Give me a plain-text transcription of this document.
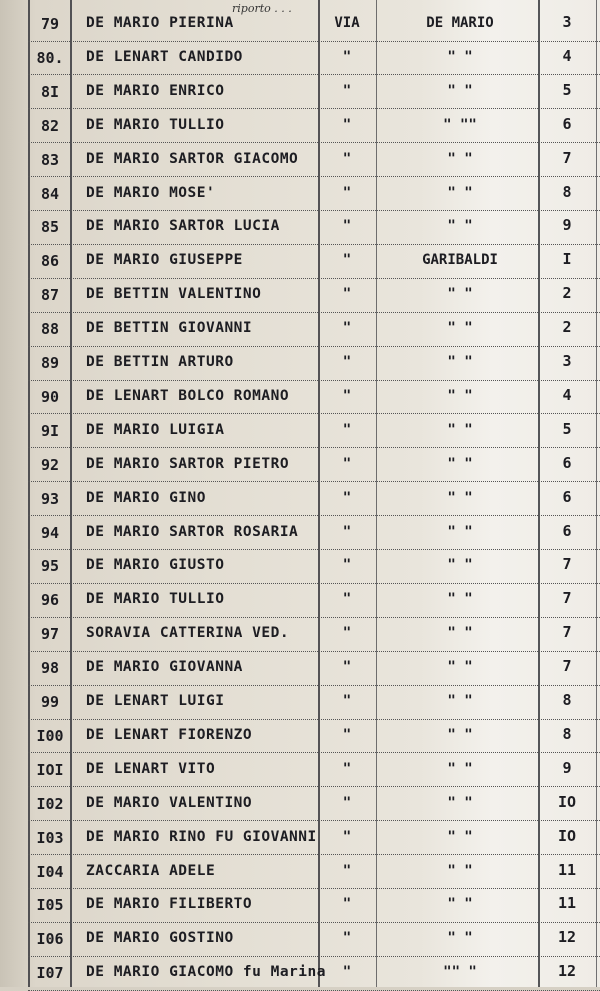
riporto . . .
79	DE MARIO PIERINA	VIA	DE MARIO	3
80.	DE LENART CANDIDO	"	" "	4
8I	DE MARIO ENRICO	"	" "	5
82	DE MARIO TULLIO	"	" ""	6
83	DE MARIO SARTOR GIACOMO	"	" "	7
84	DE MARIO MOSE'	"	" "	8
85	DE MARIO SARTOR LUCIA	"	" "	9
86	DE MARIO GIUSEPPE	"	GARIBALDI	I
87	DE BETTIN VALENTINO	"	" "	2
88	DE BETTIN GIOVANNI	"	" "	2
89	DE BETTIN ARTURO	"	" "	3
90	DE LENART BOLCO ROMANO	"	" "	4
9I	DE MARIO LUIGIA	"	" "	5
92	DE MARIO SARTOR PIETRO	"	" "	6
93	DE MARIO GINO	"	" "	6
94	DE MARIO SARTOR ROSARIA	"	" "	6
95	DE MARIO GIUSTO	"	" "	7
96	DE MARIO TULLIO	"	" "	7
97	SORAVIA CATTERINA VED.	"	" "	7
98	DE MARIO GIOVANNA	"	" "	7
99	DE LENART LUIGI	"	" "	8
I00	DE LENART FIORENZO	"	" "	8
IOI	DE LENART VITO	"	" "	9
I02	DE MARIO VALENTINO	"	" "	IO
I03	DE MARIO RINO FU GIOVANNI	"	" "	IO
I04	ZACCARIA ADELE	"	" "	11
I05	DE MARIO FILIBERTO	"	" "	11
I06	DE MARIO GOSTINO	"	" "	12
I07	DE MARIO GIACOMO fu Marina	"	"" "	12
